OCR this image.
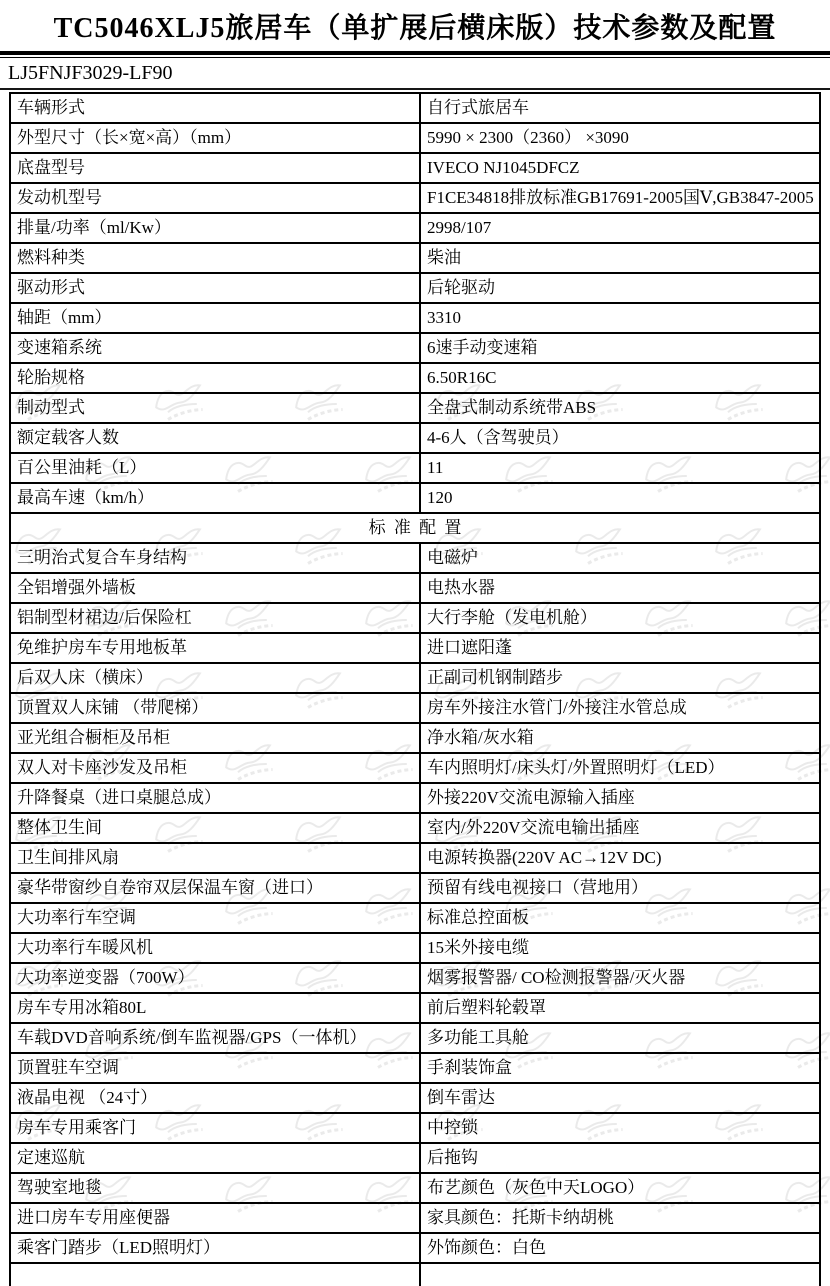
TC5046XLJ5旅居车（单扩展后横床版）技术参数及配置
LJ5FNJF3029-LF90
车辆形式	自行式旅居车
外型尺寸（长×宽×高）（mm）	5990 × 2300（2360） ×3090
底盘型号	IVECO NJ1045DFCZ
发动机型号	F1CE34818排放标准GB17691-2005国Ⅴ,GB3847-2005
排量/功率（ml/Kw）	2998/107
燃料种类	柴油
驱动形式	后轮驱动
轴距（mm）	3310
变速箱系统	6速手动变速箱
轮胎规格	6.50R16C
制动型式	全盘式制动系统带ABS
额定载客人数	4-6人（含驾驶员）
百公里油耗（L）	11
最高车速（km/h）	120
标 准 配 置	
三明治式复合车身结构	电磁炉
全铝增强外墙板	电热水器
铝制型材裙边/后保险杠	大行李舱（发电机舱）
免维护房车专用地板革	进口遮阳蓬
后双人床（横床）	正副司机钢制踏步
顶置双人床铺 （带爬梯）	房车外接注水管门/外接注水管总成
亚光组合橱柜及吊柜	净水箱/灰水箱
双人对卡座沙发及吊柜	车内照明灯/床头灯/外置照明灯（LED）
升降餐桌（进口桌腿总成）	外接220V交流电源输入插座
整体卫生间	室内/外220V交流电输出插座
卫生间排风扇	电源转换器(220V AC→12V DC)
豪华带窗纱自卷帘双层保温车窗（进口）	预留有线电视接口（营地用）
大功率行车空调	标准总控面板
大功率行车暖风机	15米外接电缆
大功率逆变器（700W）	烟雾报警器/ CO检测报警器/灭火器
房车专用冰箱80L	前后塑料轮毂罩
车载DVD音响系统/倒车监视器/GPS（一体机）	多功能工具舱
顶置驻车空调	手刹装饰盒
液晶电视 （24寸）	倒车雷达
房车专用乘客门	中控锁
定速巡航	后拖钩
驾驶室地毯	布艺颜色（灰色中天LOGO）
进口房车专用座便器	家具颜色：托斯卡纳胡桃
乘客门踏步（LED照明灯）	外饰颜色：白色
